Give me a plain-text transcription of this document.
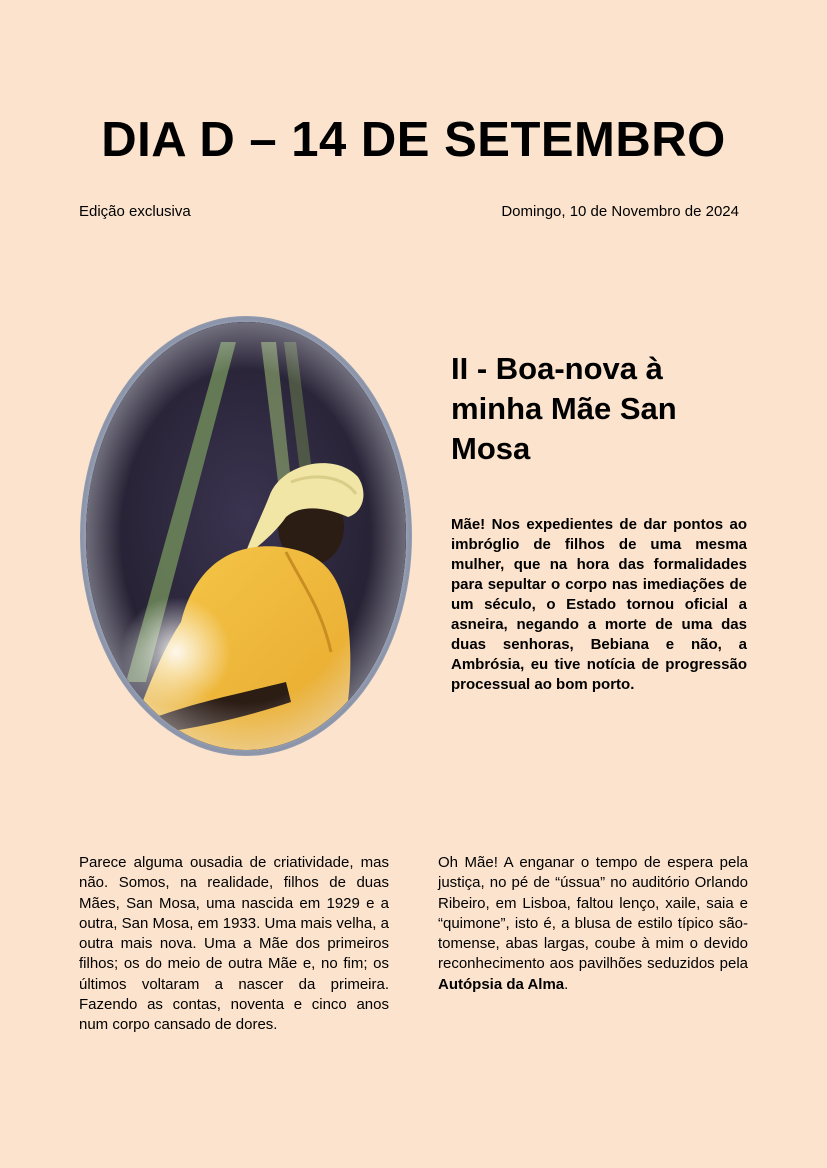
DIA D – 14 DE SETEMBRO
Edição exclusiva	Domingo, 10 de Novembro de 2024
II - Boa-nova à minha Mãe San Mosa

Mãe! Nos expedientes de dar pontos ao imbróglio de filhos de uma mesma mulher, que na hora das formalidades para sepultar o corpo nas imediações de um século, o Estado tornou oficial a asneira, negando a morte de uma das duas senhoras, Bebiana e não, a Ambrósia, eu tive notícia de progressão processual ao bom porto.

Parece alguma ousadia de criatividade, mas não. Somos, na realidade, filhos de duas Mães, San Mosa, uma nascida em 1929 e a outra, San Mosa, em 1933. Uma mais velha, a outra mais nova. Uma a Mãe dos primeiros filhos; os do meio de outra Mãe e, no fim; os últimos voltaram a nascer da primeira. Fazendo as contas, noventa e cinco anos num corpo cansado de dores.

Oh Mãe! A enganar o tempo de espera pela justiça, no pé de “ússua” no auditório Orlando Ribeiro, em Lisboa, faltou lenço, xaile, saia e “quimone”, isto é, a blusa de estilo típico são-tomense, abas largas, coube à mim o devido reconhecimento aos pavilhões seduzidos pela Autópsia da Alma.
